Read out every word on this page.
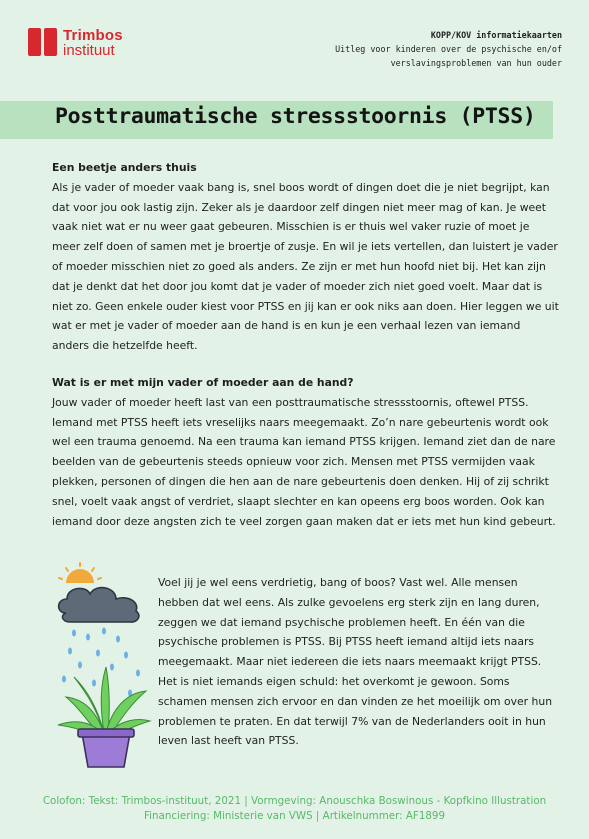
Trimbos
instituut
KOPP/KOV informatiekaarten
Uitleg voor kinderen over de psychische en/of
verslavingsproblemen van hun ouder
Posttraumatische stressstoornis (PTSS)

Een beetje anders thuis

Als je vader of moeder vaak bang is, snel boos wordt of dingen doet die je niet begrijpt, kan dat voor jou ook lastig zijn. Zeker als je daardoor zelf dingen niet meer mag of kan. Je weet vaak niet wat er nu weer gaat gebeuren. Misschien is er thuis wel vaker ruzie of moet je meer zelf doen of samen met je broertje of zusje. En wil je iets vertellen, dan luistert je vader of moeder misschien niet zo goed als anders. Ze zijn er met hun hoofd niet bij. Het kan zijn dat je denkt dat het door jou komt dat je vader of moeder zich niet goed voelt. Maar dat is niet zo. Geen enkele ouder kiest voor PTSS en jij kan er ook niks aan doen. Hier leggen we uit wat er met je vader of moeder aan de hand is en kun je een verhaal lezen van iemand anders die hetzelfde heeft.

Wat is er met mijn vader of moeder aan de hand?

Jouw vader of moeder heeft last van een posttraumatische stressstoornis, oftewel PTSS. Iemand met PTSS heeft iets vreselijks naars meegemaakt. Zo’n nare gebeurtenis wordt ook wel een trauma genoemd. Na een trauma kan iemand PTSS krijgen. Iemand ziet dan de nare beelden van de gebeurtenis steeds opnieuw voor zich. Mensen met PTSS vermijden vaak plekken, personen of dingen die hen aan de nare gebeurtenis doen denken. Hij of zij schrikt snel, voelt vaak angst of verdriet, slaapt slechter en kan opeens erg boos worden. Ook kan iemand door deze angsten zich te veel zorgen gaan maken dat er iets met hun kind gebeurt.

Voel jij je wel eens verdrietig, bang of boos? Vast wel. Alle mensen hebben dat wel eens. Als zulke gevoelens erg sterk zijn en lang duren, zeggen we dat iemand psychische problemen heeft. En één van die psychische problemen is PTSS. Bij PTSS heeft iemand altijd iets naars meegemaakt. Maar niet iedereen die iets naars meemaakt krijgt PTSS. Het is niet iemands eigen schuld: het overkomt je gewoon. Soms schamen mensen zich ervoor en dan vinden ze het moeilijk om over hun problemen te praten. En dat terwijl 7% van de Nederlanders ooit in hun leven last heeft van PTSS.

Colofon: Tekst: Trimbos-instituut, 2021 | Vormgeving: Anouschka Boswinous - Kopfkino Illustration
Financiering: Ministerie van VWS | Artikelnummer: AF1899
